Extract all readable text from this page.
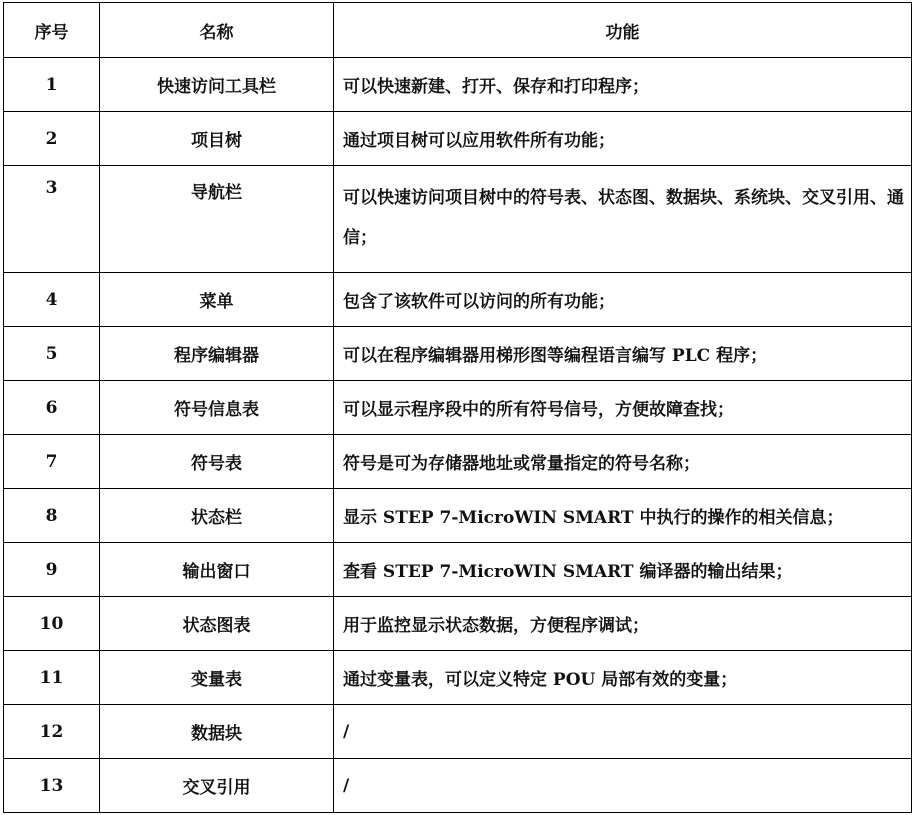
序号	名称	功能
1	快速访问工具栏	可以快速新建、打开、保存和打印程序；
2	项目树	通过项目树可以应用软件所有功能；
3	导航栏	可以快速访问项目树中的符号表、状态图、数据块、系统块、交叉引用、通信；
4	菜单	包含了该软件可以访问的所有功能；
5	程序编辑器	可以在程序编辑器用梯形图等编程语言编写 PLC 程序；
6	符号信息表	可以显示程序段中的所有符号信号，方便故障查找；
7	符号表	符号是可为存储器地址或常量指定的符号名称；
8	状态栏	显示 STEP 7-MicroWIN SMART 中执行的操作的相关信息；
9	输出窗口	查看 STEP 7-MicroWIN SMART 编译器的输出结果；
10	状态图表	用于监控显示状态数据，方便程序调试；
11	变量表	通过变量表，可以定义特定 POU 局部有效的变量；
12	数据块	/
13	交叉引用	/
